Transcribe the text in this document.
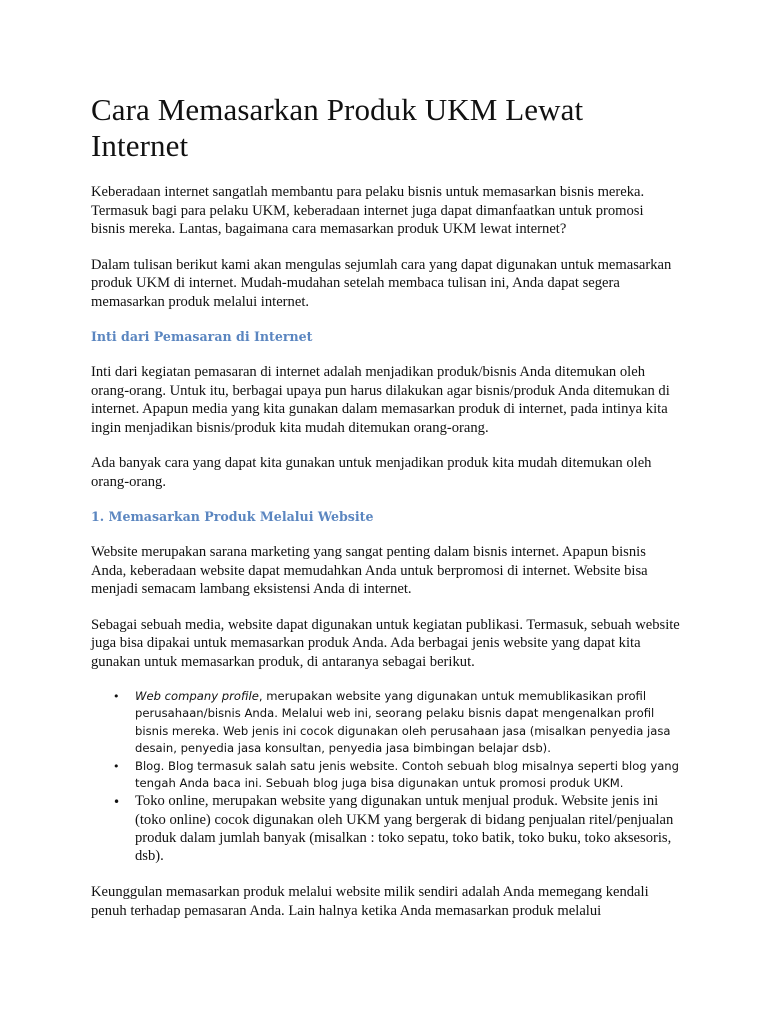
Cara Memasarkan Produk UKM Lewat Internet

Keberadaan internet sangatlah membantu para pelaku bisnis untuk memasarkan bisnis mereka. Termasuk bagi para pelaku UKM, keberadaan internet juga dapat dimanfaatkan untuk promosi bisnis mereka. Lantas, bagaimana cara memasarkan produk UKM lewat internet?

Dalam tulisan berikut kami akan mengulas sejumlah cara yang dapat digunakan untuk memasarkan produk UKM di internet. Mudah-mudahan setelah membaca tulisan ini, Anda dapat segera memasarkan produk melalui internet.

Inti dari Pemasaran di Internet

Inti dari kegiatan pemasaran di internet adalah menjadikan produk/bisnis Anda ditemukan oleh orang-orang. Untuk itu, berbagai upaya pun harus dilakukan agar bisnis/produk Anda ditemukan di internet. Apapun media yang kita gunakan dalam memasarkan produk di internet, pada intinya kita ingin menjadikan bisnis/produk kita mudah ditemukan orang-orang.

Ada banyak cara yang dapat kita gunakan untuk menjadikan produk kita mudah ditemukan oleh orang-orang.

1. Memasarkan Produk Melalui Website

Website merupakan sarana marketing yang sangat penting dalam bisnis internet. Apapun bisnis Anda, keberadaan website dapat memudahkan Anda untuk berpromosi di internet. Website bisa menjadi semacam lambang eksistensi Anda di internet.

Sebagai sebuah media, website dapat digunakan untuk kegiatan publikasi. Termasuk, sebuah website juga bisa dipakai untuk memasarkan produk Anda. Ada berbagai jenis website yang dapat kita gunakan untuk memasarkan produk, di antaranya sebagai berikut.

• Web company profile, merupakan website yang digunakan untuk memublikasikan profil perusahaan/bisnis Anda. Melalui web ini, seorang pelaku bisnis dapat mengenalkan profil bisnis mereka. Web jenis ini cocok digunakan oleh perusahaan jasa (misalkan penyedia jasa desain, penyedia jasa konsultan, penyedia jasa bimbingan belajar dsb).
• Blog. Blog termasuk salah satu jenis website. Contoh sebuah blog misalnya seperti blog yang tengah Anda baca ini. Sebuah blog juga bisa digunakan untuk promosi produk UKM.
• Toko online, merupakan website yang digunakan untuk menjual produk. Website jenis ini (toko online) cocok digunakan oleh UKM yang bergerak di bidang penjualan ritel/penjualan produk dalam jumlah banyak (misalkan : toko sepatu, toko batik, toko buku, toko aksesoris, dsb).

Keunggulan memasarkan produk melalui website milik sendiri adalah Anda memegang kendali penuh terhadap pemasaran Anda. Lain halnya ketika Anda memasarkan produk melalui
